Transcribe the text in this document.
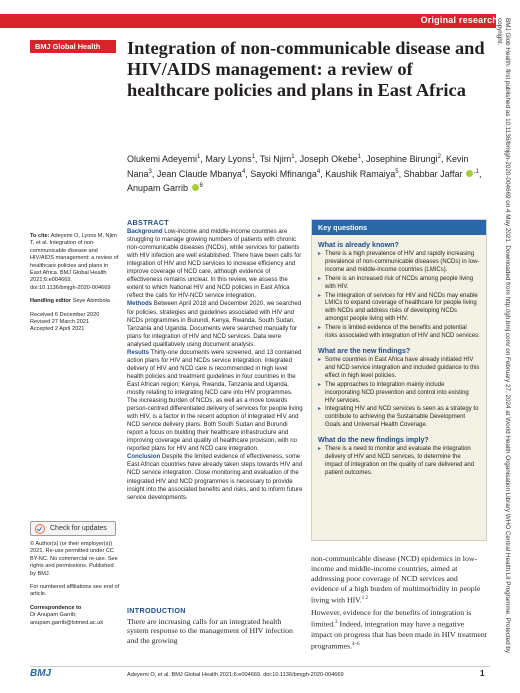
Original research
BMJ Global Health	Integration of non-communicable disease and HIV/AIDS management: a review of healthcare policies and plans in East Africa
Olukemi Adeyemi$^1$, Mary Lyons$^1$, Tsi Njim$^1$, Joseph Okebe$^1$, Josephine Birungi$^2$, Kevin Nana$^3$, Jean Claude Mbanya$^4$, Sayoki Mfinanga$^4$, Kaushik Ramaiya$^5$, Shabbar Jaffar $^{,1}$, Anupam Garrib $^6$
To cite: Adeyemi O, Lyons M, Njim T, et al. Integration of non-communicable disease and HIV/AIDS management: a review of healthcare policies and plans in East Africa. BMJ Global Health 2021;6:e004669. doi:10.1136/bmjgh-2020-004669
Handling editor Seye Abimbola
Received 6 December 2020
Revised 27 March 2021
Accepted 2 April 2021
Check for updates
© Author(s) (or their employer(s)) 2021. Re-use permitted under CC BY-NC. No commercial re-use. See rights and permissions. Published by BMJ.
For numbered affiliations see end of article.
Correspondence to
Dr Anupam Garrib;
anupam.garrib@lstmed.ac.uk
ABSTRACT

Background Low-income and middle-income countries are struggling to manage growing numbers of patients with chronic non-communicable diseases (NCDs), while services for patients with HIV infection are well established. There have been calls for integration of HIV and NCD services to increase efficiency and improve coverage of NCD care, although evidence of effectiveness remains unclear. In this review, we assess the extent to which National HIV and NCD policies in East Africa reflect the calls for HIV-NCD service integration.

Methods Between April 2018 and December 2020, we searched for policies, strategies and guidelines associated with HIV and NCDs programmes in Burundi, Kenya, Rwanda, South Sudan, Tanzania and Uganda. Documents were searched manually for plans for integration of HIV and NCD services. Data were analysed qualitatively using document analysis.

Results Thirty-one documents were screened, and 13 contained action plans for HIV and NCDs service integration. Integrated delivery of HIV and NCD care is recommended in high level health policies and treatment guidelines in four countries in the East African region; Kenya, Rwanda, Tanzania and Uganda, mostly relating to integrating NCD care into HIV programmes. The increasing burden of NCDs, as well as a move towards person-centred differentiated delivery of services for people living with HIV, is a factor in the recent adoption of integrated HIV and NCD service delivery plans. Both South Sudan and Burundi report a focus on building their healthcare infrastructure and improving coverage and quality of healthcare provision, with no reported plans for HIV and NCD care integration.

Conclusion Despite the limited evidence of effectiveness, some East African countries have already taken steps towards HIV and NCD service integration. Close monitoring and evaluation of the integrated HIV and NCD programmes is necessary to provide insight into the associated benefits and risks, and to inform future service developments.

INTRODUCTION
There are increasing calls for an integrated health system response to the management of HIV infection and the growing
Key questions
What is already known?
▸ There is a high prevalence of HIV and rapidly increasing prevalence of non-communicable diseases (NCDs) in low-income and middle-income countries (LMICs).
▸ There is an increased risk of NCDs among people living with HIV.
▸ The integration of services for HIV and NCDs may enable LMICs to expand coverage of healthcare for people living with NCDs and address risks of developing NCDs amongst people living with HIV.
▸ There is limited evidence of the benefits and potential risks associated with integration of HIV and NCD services.
What are the new findings?
▸ Some countries in East Africa have already initiated HIV and NCD service integration and included guidance to this effect in high level policies.
▸ The approaches to integration mainly include incorporating NCD prevention and control into existing HIV services.
▸ Integrating HIV and NCD services is seen as a strategy to contribute to achieving the Sustainable Development Goals and Universal Health Coverage.
What do the new findings imply?
▸ There is a need to monitor and evaluate the integration delivery of HIV and NCD services, to determine the impact of integration on the quality of care delivered and patient outcomes.

non-communicable disease (NCD) epidemics in low-income and middle-income countries, aimed at addressing poor coverage of NCD services and evidence of a high burden of multimorbidity in people living with HIV.$^{1 2}$

However, evidence for the benefits of integration is limited.$^3$ Indeed, integration may have a negative impact on progress that has been made in HIV treatment programmes.$^{4-6}$	BMJ Glob Health: first published as 10.1136/bmjgh-2020-004669 on 4 May 2021. Downloaded from http://gh.bmj.com/ on February 27, 2024 at World Health Organisation Library WHO Central Health Lit Programme. Protected by copyright.
BMJ	Adeyemi O, et al. BMJ Global Health 2021;6:e004669. doi:10.1136/bmjgh-2020-004669	1
